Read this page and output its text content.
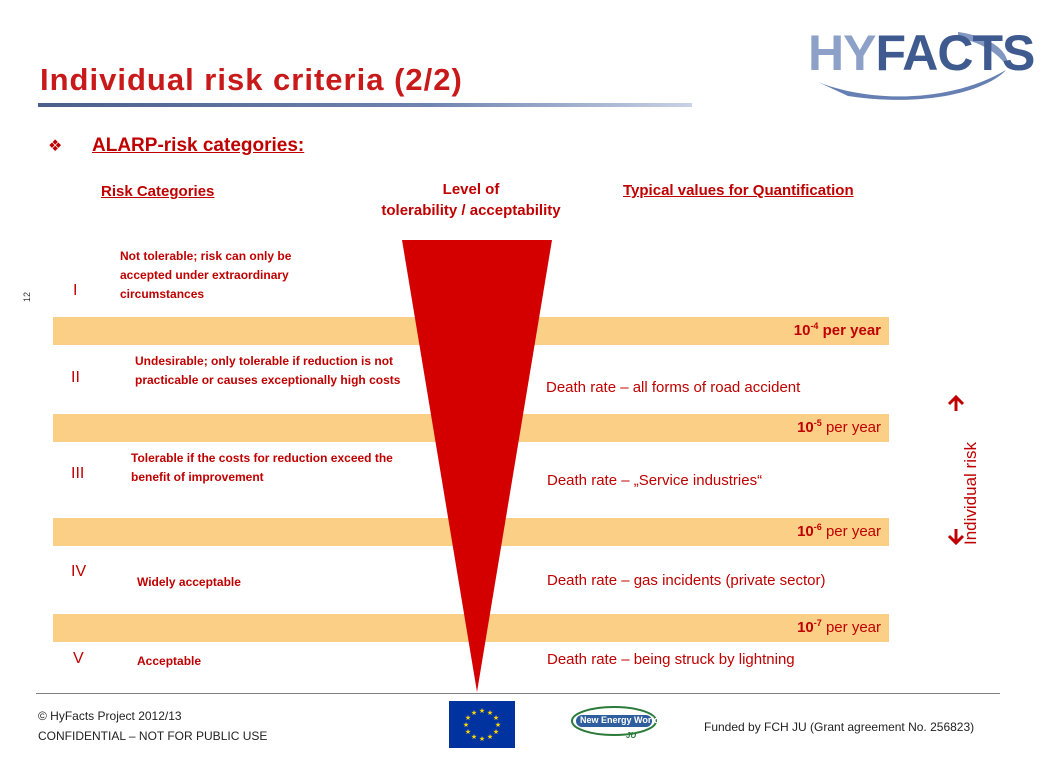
Individual risk criteria (2/2)	HYFACTS
❖ ALARP-risk categories:
Risk Categories	Level of
tolerability / acceptability
Typical values for Quantification
12
$10^{-4}$ per year
$10^{-5}$ per year
$10^{-6}$ per year
$10^{-7}$ per year
I
II
III
IV
V
Not tolerable; risk can only be accepted under extraordinary circumstances
Undesirable; only tolerable if reduction is not practicable or causes exceptionally high costs
Tolerable if the costs for reduction exceed the benefit of improvement
Widely acceptable
Acceptable
Death rate – all forms of road accident
Death rate – „Service industries“
Death rate – gas incidents (private sector)
Death rate – being struck by lightning
Individual risk
© HyFacts Project 2012/13
CONFIDENTIAL – NOT FOR PUBLIC USE
★ ★
★
★
★
★
★
★
★
★
★
★
New Energy World
JU
Funded by FCH JU (Grant agreement No. 256823)
